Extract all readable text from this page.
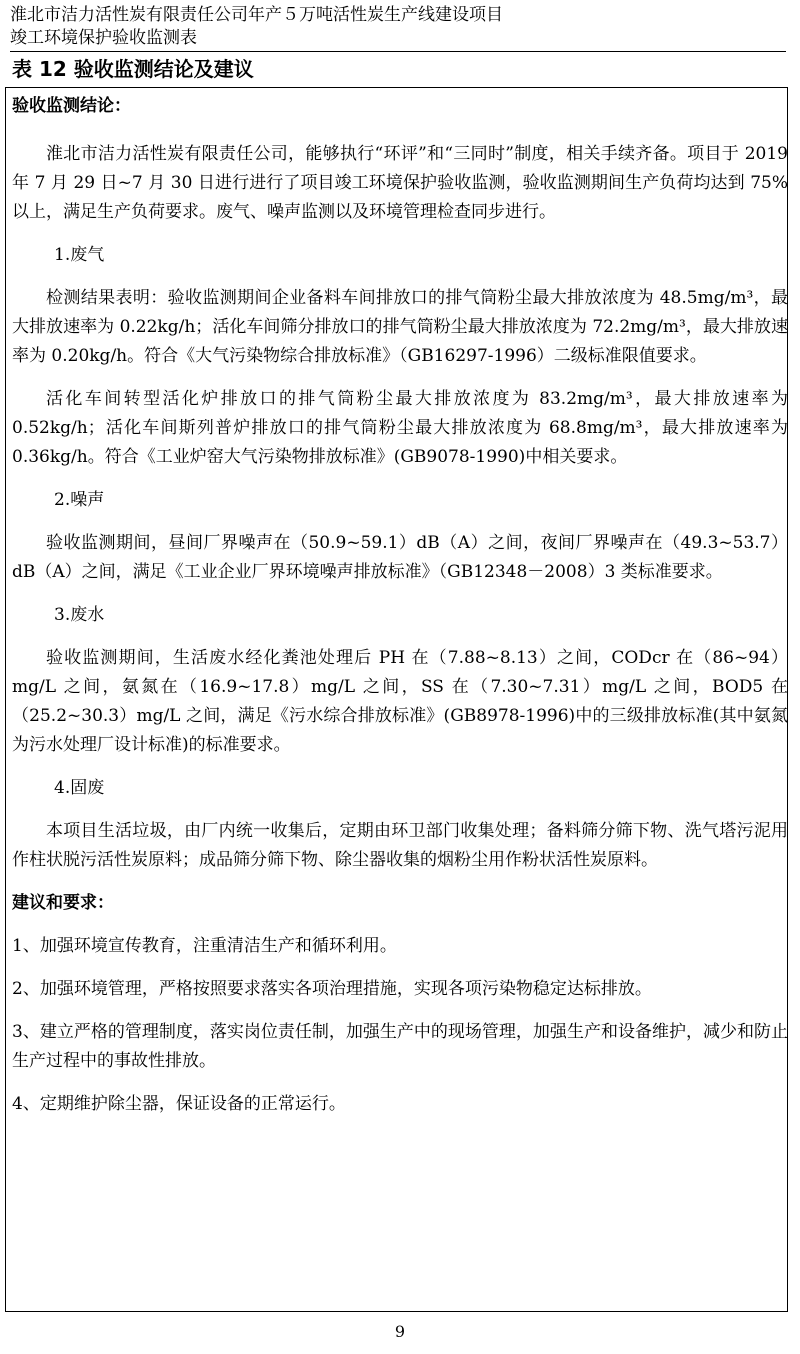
淮北市洁力活性炭有限责任公司年产５万吨活性炭生产线建设项目
竣工环境保护验收监测表
表 12 验收监测结论及建议

验收监测结论：

淮北市洁力活性炭有限责任公司，能够执行“环评”和“三同时”制度，相关手续齐备。项目于 2019 年 7 月 29 日~7 月 30 日进行进行了项目竣工环境保护验收监测，验收监测期间生产负荷均达到 75%以上，满足生产负荷要求。废气、噪声监测以及环境管理检查同步进行。

1.废气

检测结果表明：验收监测期间企业备料车间排放口的排气筒粉尘最大排放浓度为 48.5mg/m³，最大排放速率为 0.22kg/h；活化车间筛分排放口的排气筒粉尘最大排放浓度为 72.2mg/m³，最大排放速率为 0.20kg/h。符合《大气污染物综合排放标准》（GB16297-1996）二级标准限值要求。

活化车间转型活化炉排放口的排气筒粉尘最大排放浓度为 83.2mg/m³，最大排放速率为 0.52kg/h；活化车间斯列普炉排放口的排气筒粉尘最大排放浓度为 68.8mg/m³，最大排放速率为 0.36kg/h。符合《工业炉窑大气污染物排放标准》(GB9078-1990)中相关要求。

2.噪声

验收监测期间，昼间厂界噪声在（50.9~59.1）dB（A）之间，夜间厂界噪声在（49.3~53.7）dB（A）之间，满足《工业企业厂界环境噪声排放标准》（GB12348－2008）3 类标准要求。

3.废水

验收监测期间，生活废水经化粪池处理后 PH 在（7.88~8.13）之间，CODcr 在（86~94）mg/L 之间，氨氮在（16.9~17.8）mg/L 之间，SS 在（7.30~7.31）mg/L 之间，BOD5 在（25.2~30.3）mg/L 之间，满足《污水综合排放标准》(GB8978-1996)中的三级排放标准(其中氨氮为污水处理厂设计标准)的标准要求。

4.固废

本项目生活垃圾，由厂内统一收集后，定期由环卫部门收集处理；备料筛分筛下物、洗气塔污泥用作柱状脱污活性炭原料；成品筛分筛下物、除尘器收集的烟粉尘用作粉状活性炭原料。

建议和要求：

1、加强环境宣传教育，注重清洁生产和循环利用。

2、加强环境管理，严格按照要求落实各项治理措施，实现各项污染物稳定达标排放。

3、建立严格的管理制度，落实岗位责任制，加强生产中的现场管理，加强生产和设备维护，减少和防止生产过程中的事故性排放。

4、定期维护除尘器，保证设备的正常运行。

9
